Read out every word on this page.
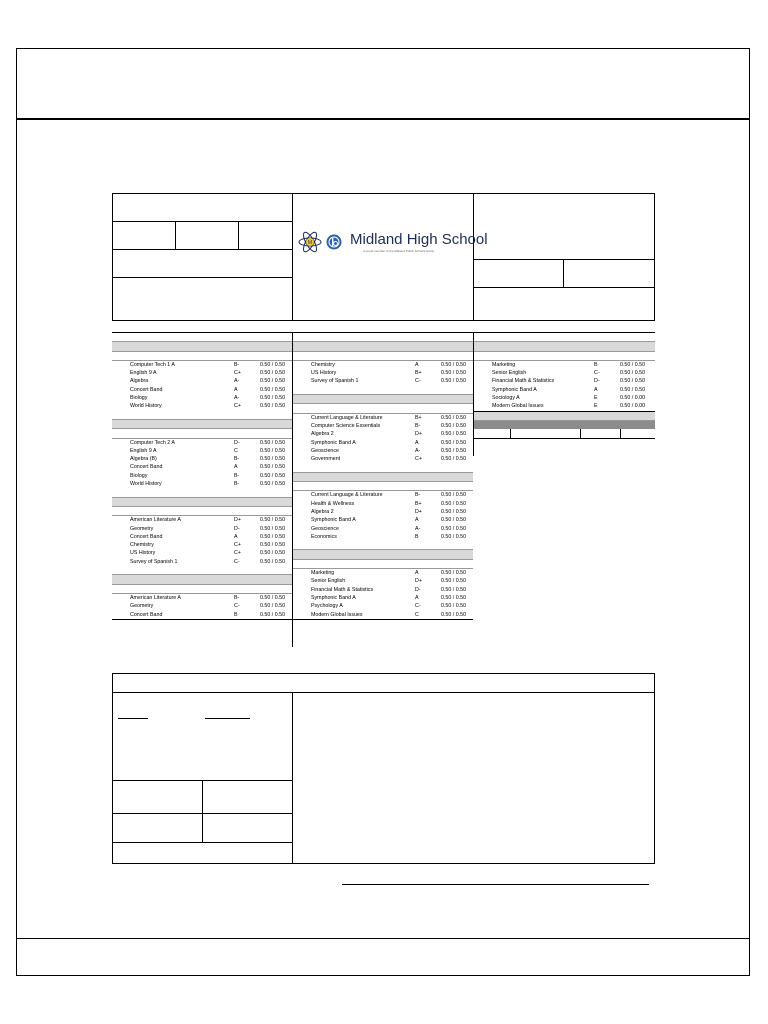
M	Midland High School
A proud member of the Midland Public Schools family
Computer Tech 1 A	B-	0.50 / 0.50
English 9 A	C+	0.50 / 0.50
Algebra	A-	0.50 / 0.50
Concert Band	A	0.50 / 0.50
Biology	A-	0.50 / 0.50
World History	C+	0.50 / 0.50
Computer Tech 2 A	D-	0.50 / 0.50
English 9 A	C	0.50 / 0.50
Algebra (B)	B-	0.50 / 0.50
Concert Band	A	0.50 / 0.50
Biology	B-	0.50 / 0.50
World History	B-	0.50 / 0.50
American Literature A	D+	0.50 / 0.50
Geometry	D-	0.50 / 0.50
Concert Band	A	0.50 / 0.50
Chemistry	C+	0.50 / 0.50
US History	C+	0.50 / 0.50
Survey of Spanish 1	C-	0.50 / 0.50
American Literature A	B-	0.50 / 0.50
Geometry	C-	0.50 / 0.50
Concert Band	B	0.50 / 0.50
Chemistry	A	0.50 / 0.50
US History	B+	0.50 / 0.50
Survey of Spanish 1	C-	0.50 / 0.50
Current Language & Literature	B+	0.50 / 0.50
Computer Science Essentials	B-	0.50 / 0.50
Algebra 2	D+	0.50 / 0.50
Symphonic Band A	A	0.50 / 0.50
Geoscience	A-	0.50 / 0.50
Government	C+	0.50 / 0.50
Current Language & Literature	B-	0.50 / 0.50
Health & Wellness	B+	0.50 / 0.50
Algebra 2	D+	0.50 / 0.50
Symphonic Band A	A	0.50 / 0.50
Geoscience	A-	0.50 / 0.50
Economics	B	0.50 / 0.50
Marketing	A	0.50 / 0.50
Senior English	D+	0.50 / 0.50
Financial Math & Statistics	D-	0.50 / 0.50
Symphonic Band A	A	0.50 / 0.50
Psychology A	C-	0.50 / 0.50
Modern Global Issues	C	0.50 / 0.50
Marketing	B	0.50 / 0.50
Senior English	C-	0.50 / 0.50
Financial Math & Statistics	D-	0.50 / 0.50
Symphonic Band A	A	0.50 / 0.50
Sociology A	E	0.50 / 0.00
Modern Global Issues	E	0.50 / 0.00
